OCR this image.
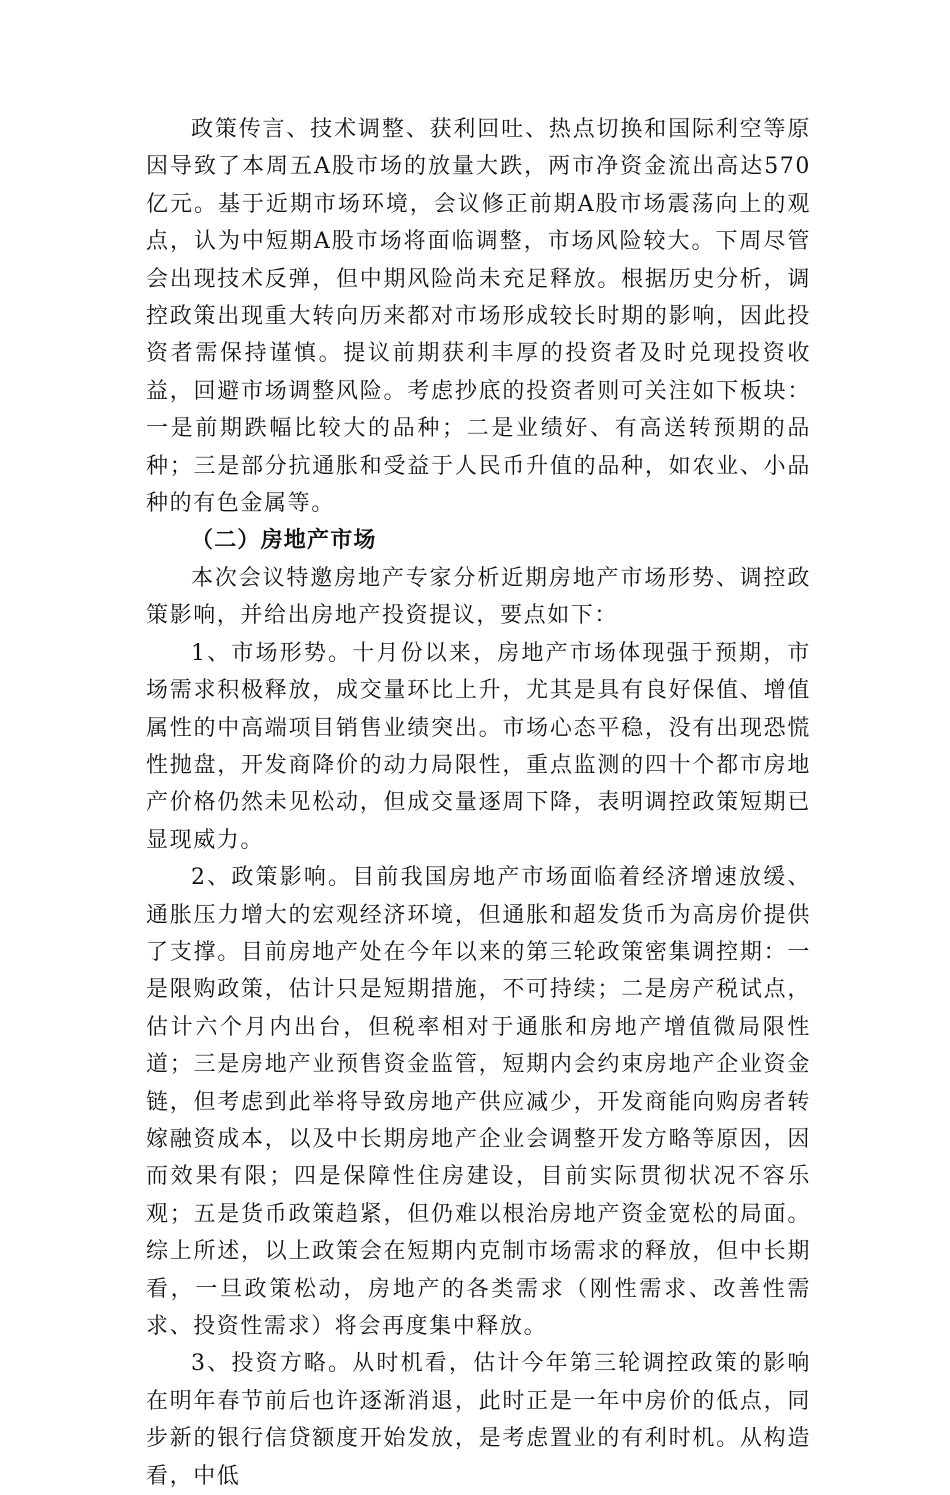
政策传言、技术调整、获利回吐、热点切换和国际利空等原因导致了本周五A股市场的放量大跌，两市净资金流出高达570亿元。基于近期市场环境，会议修正前期A股市场震荡向上的观点，认为中短期A股市场将面临调整，市场风险较大。下周尽管会出现技术反弹，但中期风险尚未充足释放。根据历史分析，调控政策出现重大转向历来都对市场形成较长时期的影响，因此投资者需保持谨慎。提议前期获利丰厚的投资者及时兑现投资收益，回避市场调整风险。考虑抄底的投资者则可关注如下板块：一是前期跌幅比较大的品种；二是业绩好、有高送转预期的品种；三是部分抗通胀和受益于人民币升值的品种，如农业、小品种的有色金属等。

（二）房地产市场

本次会议特邀房地产专家分析近期房地产市场形势、调控政策影响，并给出房地产投资提议，要点如下：

1、市场形势。十月份以来，房地产市场体现强于预期，市场需求积极释放，成交量环比上升，尤其是具有良好保值、增值属性的中高端项目销售业绩突出。市场心态平稳，没有出现恐慌性抛盘，开发商降价的动力局限性，重点监测的四十个都市房地产价格仍然未见松动，但成交量逐周下降，表明调控政策短期已显现威力。

2、政策影响。目前我国房地产市场面临着经济增速放缓、通胀压力增大的宏观经济环境，但通胀和超发货币为高房价提供了支撑。目前房地产处在今年以来的第三轮政策密集调控期：一是限购政策，估计只是短期措施，不可持续；二是房产税试点，估计六个月内出台，但税率相对于通胀和房地产增值微局限性道；三是房地产业预售资金监管，短期内会约束房地产企业资金链，但考虑到此举将导致房地产供应减少，开发商能向购房者转嫁融资成本，以及中长期房地产企业会调整开发方略等原因，因而效果有限；四是保障性住房建设，目前实际贯彻状况不容乐观；五是货币政策趋紧，但仍难以根治房地产资金宽松的局面。综上所述，以上政策会在短期内克制市场需求的释放，但中长期看，一旦政策松动，房地产的各类需求（刚性需求、改善性需求、投资性需求）将会再度集中释放。

3、投资方略。从时机看，估计今年第三轮调控政策的影响在明年春节前后也许逐渐消退，此时正是一年中房价的低点，同步新的银行信贷额度开始发放，是考虑置业的有利时机。从构造看，中低
